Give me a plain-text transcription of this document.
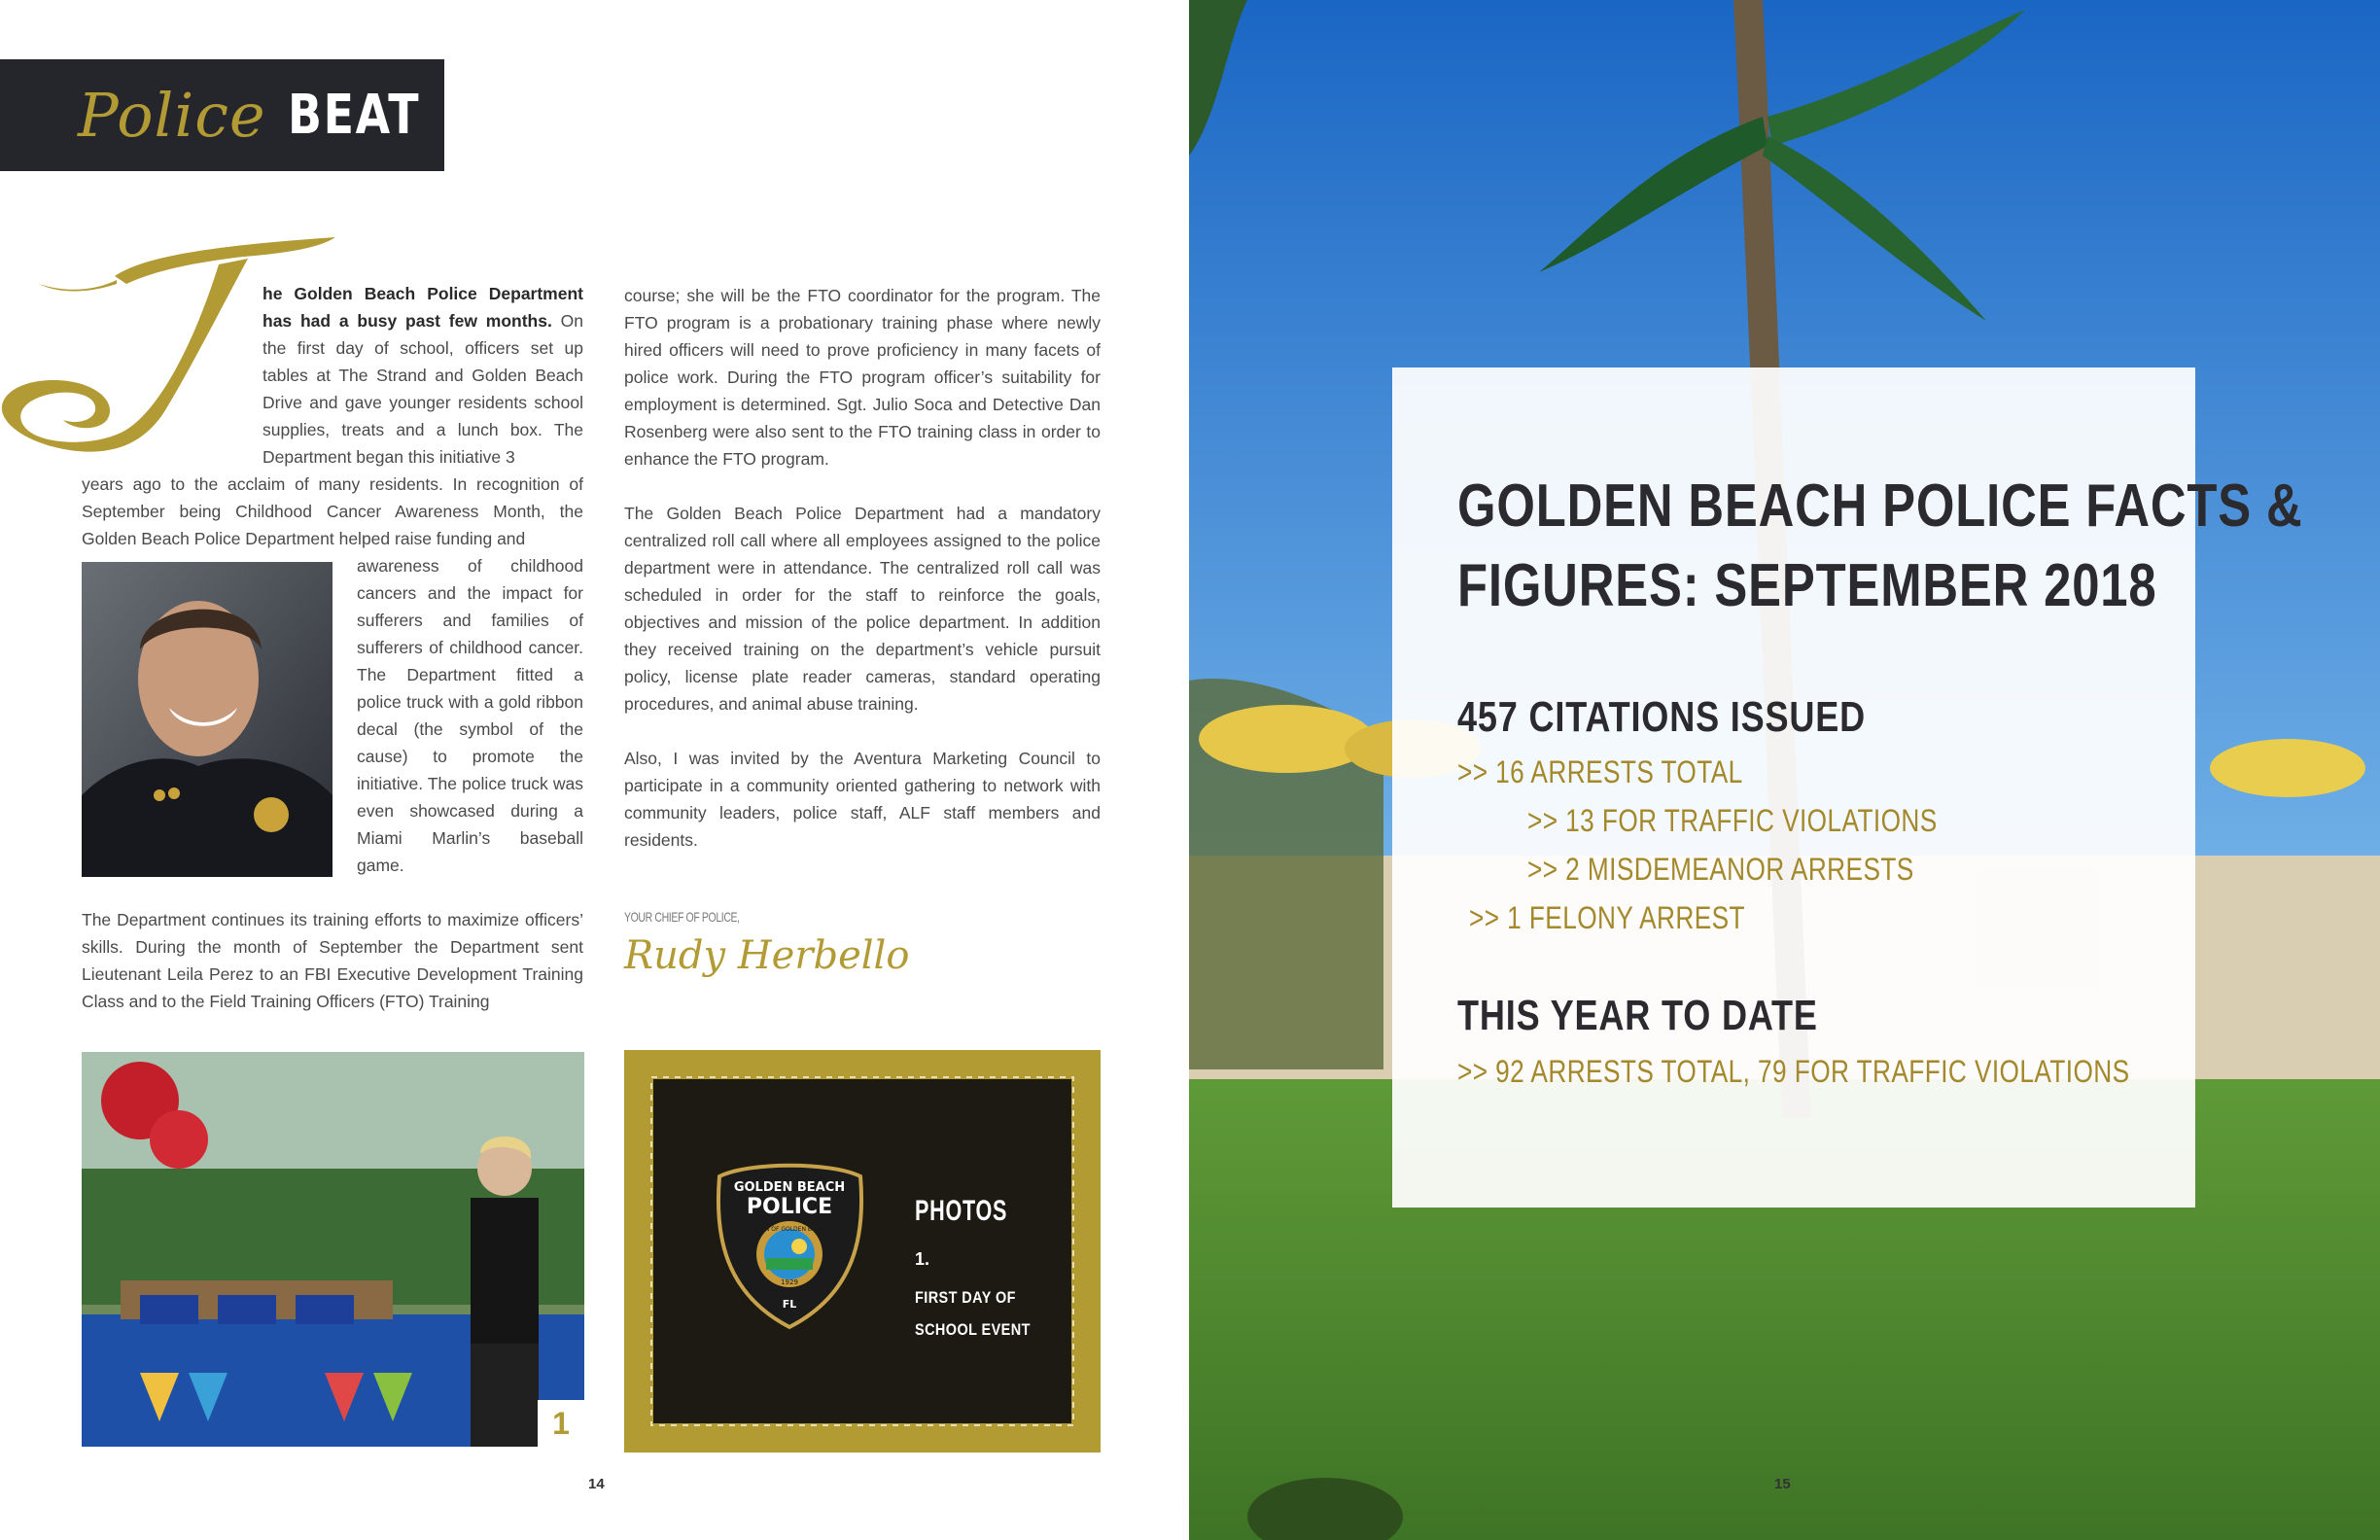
Police BEAT

he Golden Beach Police Department has had a busy past few months. On the first day of school, officers set up tables at The Strand and Golden Beach Drive and gave younger residents school supplies, treats and a lunch box. The Department began this initiative 3

years ago to the acclaim of many residents. In recognition of September being Childhood Cancer Awareness Month, the Golden Beach Police Department helped raise funding and

awareness of childhood cancers and the impact for sufferers and families of sufferers of childhood cancer. The Department fitted a police truck with a gold ribbon decal (the symbol of the cause) to promote the initiative. The police truck was even showcased during a Miami Marlin’s baseball game.

The Department continues its training efforts to maximize officers’ skills. During the month of September the Department sent Lieutenant Leila Perez to an FBI Executive Development Training Class and to the Field Training Officers (FTO) Training

course; she will be the FTO coordinator for the program. The FTO program is a probationary training phase where newly hired officers will need to prove proficiency in many facets of police work. During the FTO program officer’s suitability for employment is determined. Sgt. Julio Soca and Detective Dan Rosenberg were also sent to the FTO training class in order to enhance the FTO program.

The Golden Beach Police Department had a mandatory centralized roll call where all employees assigned to the police department were in attendance. The centralized roll call was scheduled in order for the staff to reinforce the goals, objectives and mission of the police department. In addition they received training on the department’s vehicle pursuit policy, license plate reader cameras, standard operating procedures, and animal abuse training.

Also, I was invited by the Aventura Marketing Council to participate in a community oriented gathering to network with community leaders, police staff, ALF staff members and residents.

YOUR CHIEF OF POLICE,
Rudy Herbello
1
GOLDEN BEACH
POLICE
TOWN OF GOLDEN BEACH
1929
FL
PHOTOS
1.
FIRST DAY OF
SCHOOL EVENT
14
GOLDEN BEACH POLICE FACTS &
FIGURES: SEPTEMBER 2018
457 CITATIONS ISSUED
>> 16 ARRESTS TOTAL
>> 13 FOR TRAFFIC VIOLATIONS
>> 2 MISDEMEANOR ARRESTS
>> 1 FELONY ARREST
THIS YEAR TO DATE
>> 92 ARRESTS TOTAL, 79 FOR TRAFFIC VIOLATIONS
15
